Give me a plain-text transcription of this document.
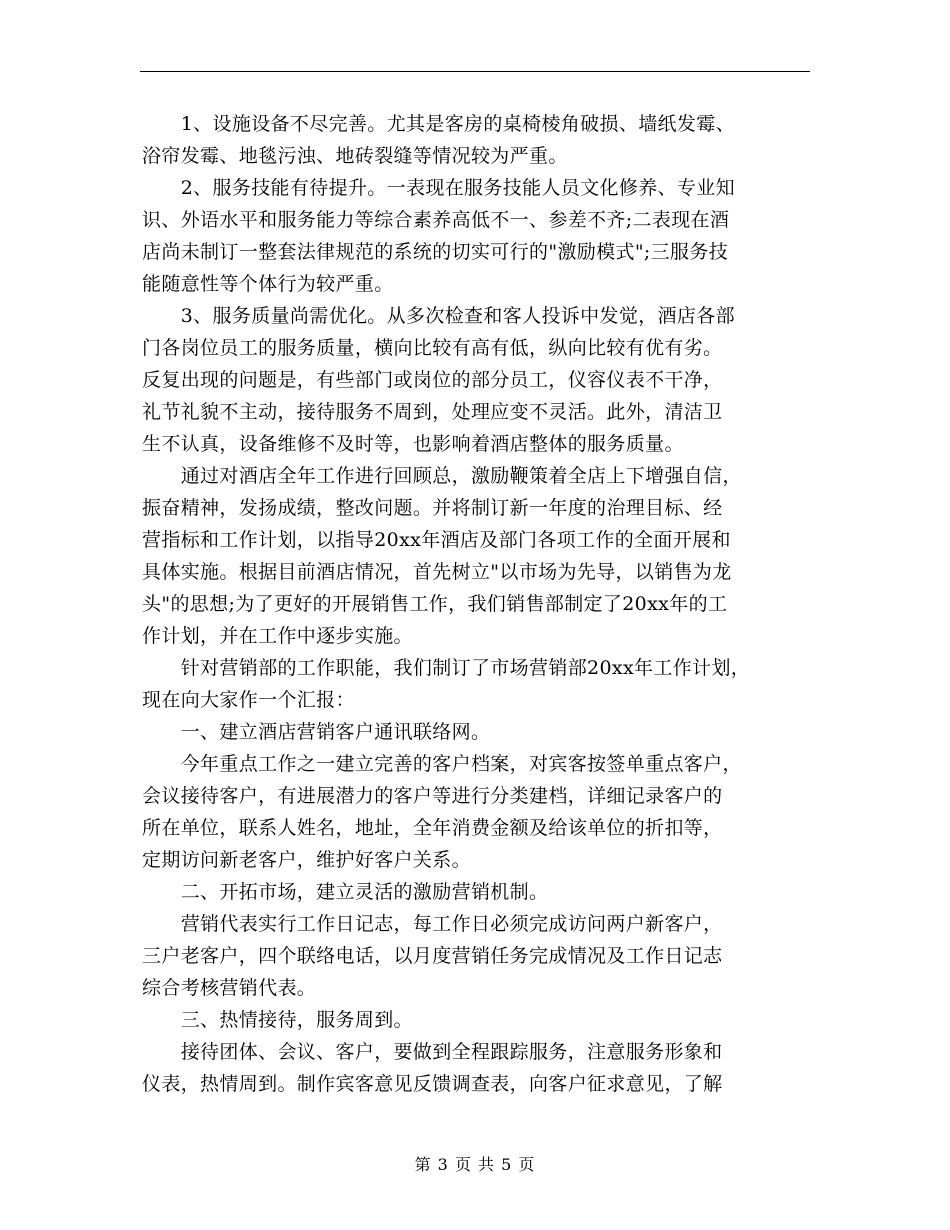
　　1、设施设备不尽完善。尤其是客房的桌椅棱角破损、墙纸发霉、
浴帘发霉、地毯污浊、地砖裂缝等情况较为严重。

　　2、服务技能有待提升。一表现在服务技能人员文化修养、专业知
识、外语水平和服务能力等综合素养高低不一、参差不齐;二表现在酒
店尚未制订一整套法律规范的系统的切实可行的"激励模式";三服务技
能随意性等个体行为较严重。

　　3、服务质量尚需优化。从多次检查和客人投诉中发觉，酒店各部
门各岗位员工的服务质量，横向比较有高有低，纵向比较有优有劣。
反复出现的问题是，有些部门或岗位的部分员工，仪容仪表不干净，
礼节礼貌不主动，接待服务不周到，处理应变不灵活。此外，清洁卫
生不认真，设备维修不及时等，也影响着酒店整体的服务质量。

　　通过对酒店全年工作进行回顾总，激励鞭策着全店上下增强自信，
振奋精神，发扬成绩，整改问题。并将制订新一年度的治理目标、经
营指标和工作计划，以指导20xx年酒店及部门各项工作的全面开展和
具体实施。根据目前酒店情况，首先树立"以市场为先导，以销售为龙
头"的思想;为了更好的开展销售工作，我们销售部制定了20xx年的工
作计划，并在工作中逐步实施。

　　针对营销部的工作职能，我们制订了市场营销部20xx年工作计划，
现在向大家作一个汇报：

　　一、建立酒店营销客户通讯联络网。

　　今年重点工作之一建立完善的客户档案，对宾客按签单重点客户，
会议接待客户，有进展潜力的客户等进行分类建档，详细记录客户的
所在单位，联系人姓名，地址，全年消费金额及给该单位的折扣等，
定期访问新老客户，维护好客户关系。

　　二、开拓市场，建立灵活的激励营销机制。

　　营销代表实行工作日记志，每工作日必须完成访问两户新客户，
三户老客户，四个联络电话，以月度营销任务完成情况及工作日记志
综合考核营销代表。

　　三、热情接待，服务周到。

　　接待团体、会议、客户，要做到全程跟踪服务，注意服务形象和
仪表，热情周到。制作宾客意见反馈调查表，向客户征求意见，了解

第 3 页 共 5 页
